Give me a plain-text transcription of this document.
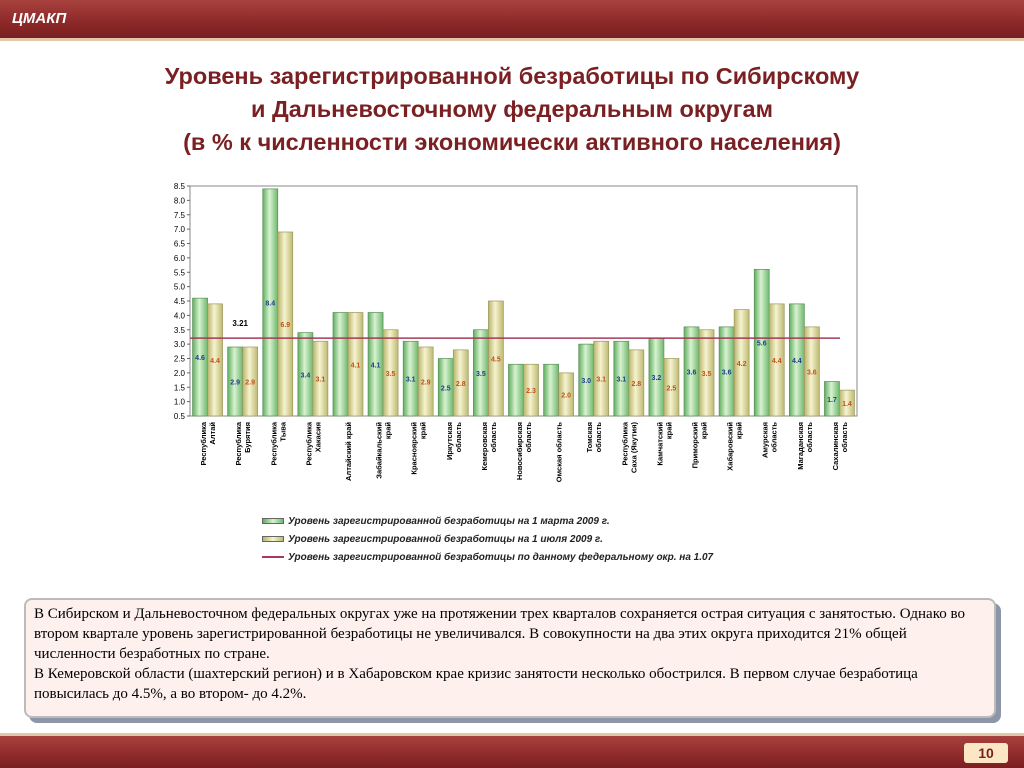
ЦМАКП
Уровень зарегистрированной безработицы по Сибирскому
и Дальневосточному федеральным округам
(в % к численности экономически активного населения)
0.5
1.0
1.5
2.0
2.5
3.0
3.5
4.0
4.5
5.0
5.5
6.0
6.5
7.0
7.5
8.0
8.5
4.6 4.4
Республика Алтай
2.9 2.9
Республика Бурятия
8.4
6.9
Республика Тыва
3.4
3.1
Республика Хакасия
4.1
Алтайский край
4.1
3.5
Забайкальский край
3.1 2.9
Красноярский край
2.5
2.8
Иркутская область
3.5
4.5
Кемеровская область
2.3
Новосибирская область
2.0
Омская область
3.0 3.1
Томская область
3.1
2.8
Республика Саха (Якутия)
3.2
2.5
Камчатский край
3.6 3.5
Приморский край
3.6
4.2
Хабаровский край
5.6
4.4
Амурская область
4.4
3.6
Магаданская область
1.7
1.4
Сахалинская область
3.21
Уровень зарегистрированной безработицы на 1 марта 2009 г.
Уровень зарегистрированной безработицы на 1 июля 2009 г.
Уровень зарегистрированной безработицы по данному федеральному окр. на 1.07

В Сибирском и Дальневосточном федеральных округах уже на протяжении трех кварталов сохраняется острая ситуация с занятостью. Однако во втором квартале уровень зарегистрированной безработицы не увеличивался. В совокупности на два этих округа приходится 21% общей численности безработных по стране.

В Кемеровской области (шахтерский регион) и в Хабаровском крае кризис занятости несколько обострился. В первом случае безработица повысилась до 4.5%, а во втором- до 4.2%.

10
